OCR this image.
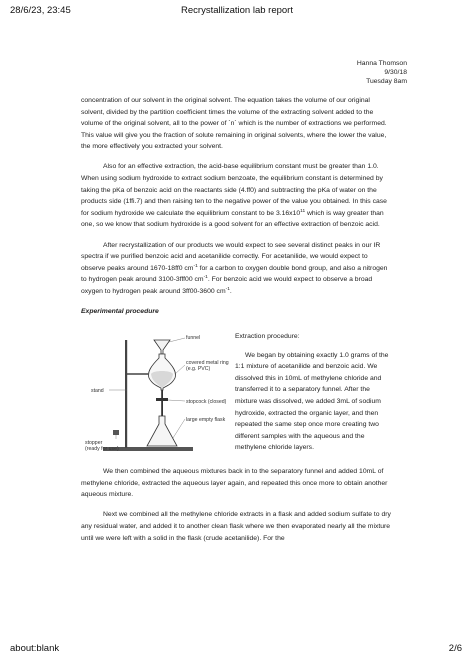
28/6/23, 23:45	Recrystallization lab report
Hanna Thomson
9/30/18
Tuesday 8am

concentration of our solvent in the original solvent. The equation takes the volume of our original solvent, divided by the partition coefficient times the volume of the extracting solvent added to the volume of the original solvent, all to the power of `n` which is the number of extractions we performed. This value will give you the fraction of solute remaining in original solvents, where the lower the value, the more effectively you extracted your solvent.

Also for an effective extraction, the acid-base equilibrium constant must be greater than 1.0. When using sodium hydroxide to extract sodium benzoate, the equilibrium constant is determined by taking the pKa of benzoic acid on the reactants side (4.ff0) and subtracting the pKa of water on the products side (1ffi.7) and then raising ten to the negative power of the value you obtained. In this case for sodium hydroxide we calculate the equilibrium constant to be $3.16x10^{11}$ which is way greater than one, so we know that sodium hydroxide is a good solvent for an effective extraction of benzoic acid.

After recrystallization of our products we would expect to see several distinct peaks in our IR spectra if we purified benzoic acid and acetanilide correctly. For acetanilide, we would expect to observe peaks around 1670-18ff0 $cm^{-1}$ for a carbon to oxygen double bond group, and also a nitrogen to hydrogen peak around 3100-3fff00 $cm^{-1}$. For benzoic acid we would expect to observe a broad oxygen to hydrogen peak around 3ff00-3600 $cm^{-1}$.

Experimental procedure

funnel
covered metal ring
(e.g. PVC)
stand
stopcock (closed)
large empty flask
stopper
(ready for use)

Extraction procedure:

We began by obtaining exactly 1.0 grams of the 1:1 mixture of acetanilide and benzoic acid. We dissolved this in 10mL of methylene chloride and transferred it to a separatory funnel. After the mixture was dissolved, we added 3mL of sodium hydroxide, extracted the organic layer, and then repeated the same step once more creating two different samples with the aqueous and the methylene chloride layers.

We then combined the aqueous mixtures back in to the separatory funnel and added 10mL of methylene chloride, extracted the aqueous layer again, and repeated this once more to obtain another aqueous mixture.

Next we combined all the methylene chloride extracts in a flask and added sodium sulfate to dry any residual water, and added it to another clean flask where we then evaporated nearly all the mixture until we were left with a solid in the flask (crude acetanilide). For the

about:blank	2/6
